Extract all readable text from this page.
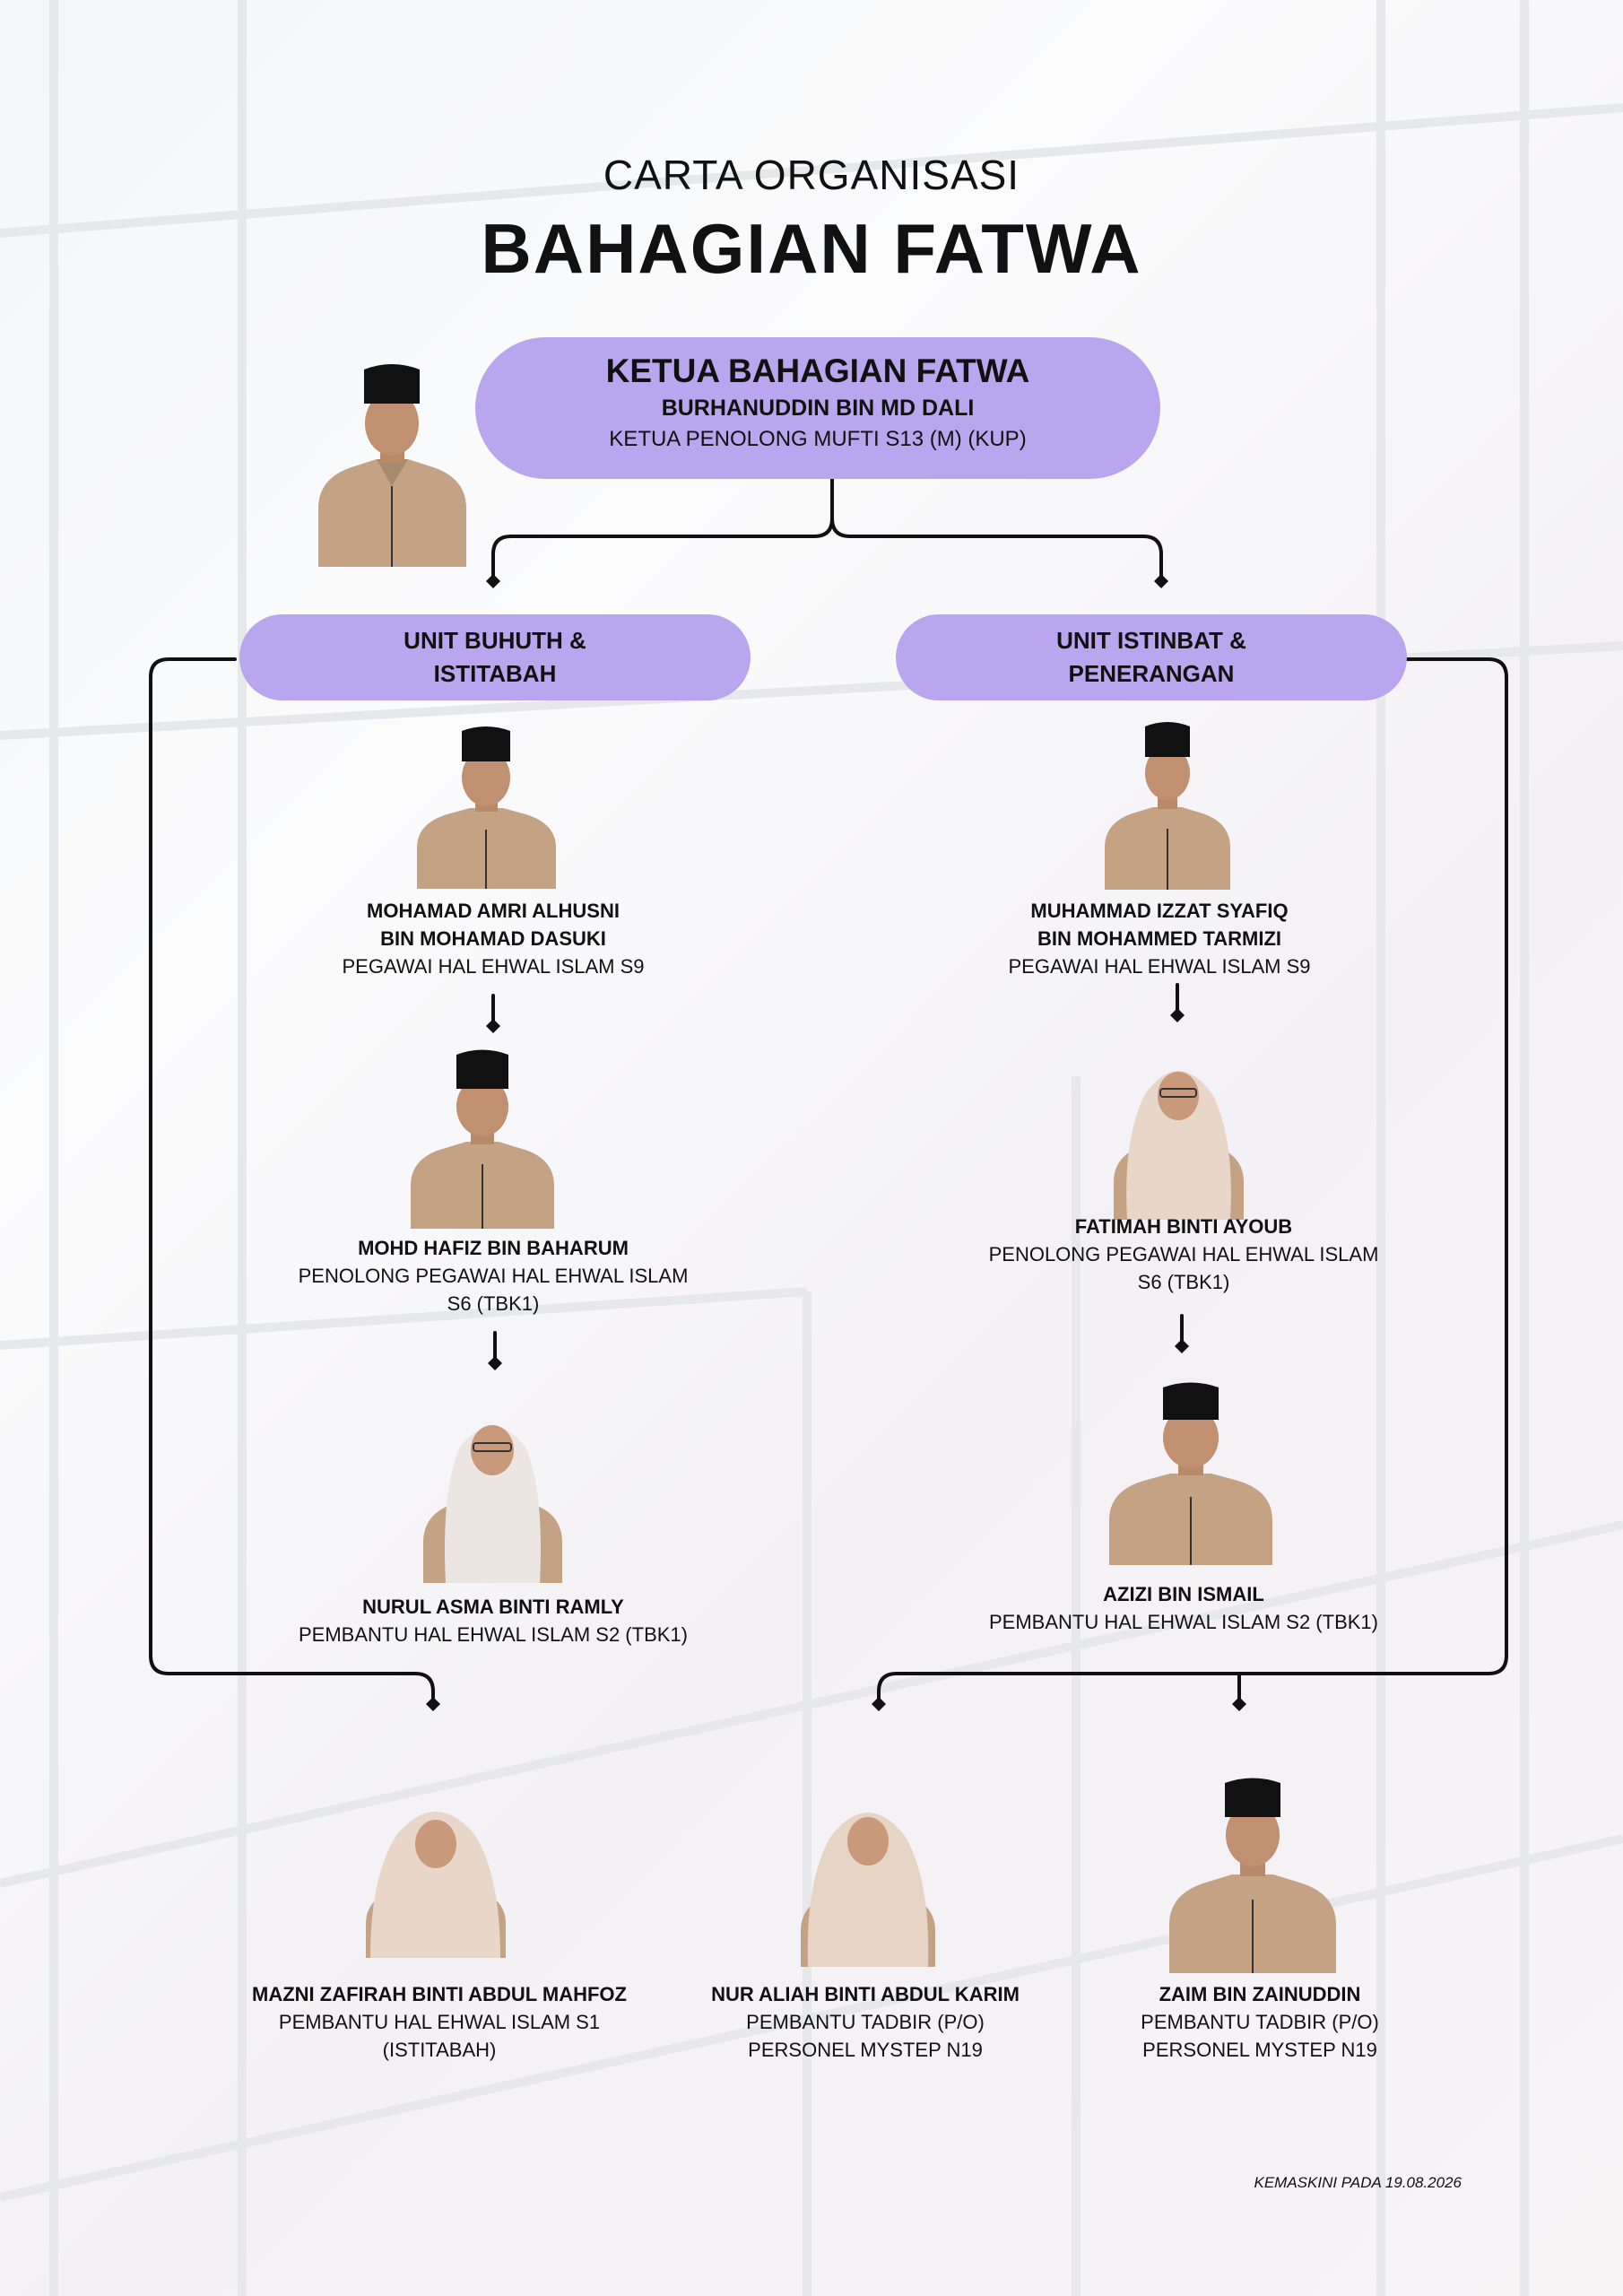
CARTA ORGANISASI
BAHAGIAN FATWA
KETUA BAHAGIAN FATWA
BURHANUDDIN BIN MD DALI
KETUA PENOLONG MUFTI S13 (M) (KUP)
UNIT BUHUTH &
ISTITABAH
UNIT ISTINBAT &
PENERANGAN
MOHAMAD AMRI ALHUSNI
BIN MOHAMAD DASUKI
PEGAWAI HAL EHWAL ISLAM S9
MOHD HAFIZ BIN BAHARUM
PENOLONG PEGAWAI HAL EHWAL ISLAM
S6 (TBK1)
NURUL ASMA BINTI RAMLY
PEMBANTU HAL EHWAL ISLAM S2 (TBK1)
MUHAMMAD IZZAT SYAFIQ
BIN MOHAMMED TARMIZI
PEGAWAI HAL EHWAL ISLAM S9
FATIMAH BINTI AYOUB
PENOLONG PEGAWAI HAL EHWAL ISLAM
S6 (TBK1)
AZIZI BIN ISMAIL
PEMBANTU HAL EHWAL ISLAM S2 (TBK1)
MAZNI ZAFIRAH BINTI ABDUL MAHFOZ
PEMBANTU HAL EHWAL ISLAM S1
(ISTITABAH)
NUR ALIAH BINTI ABDUL KARIM
PEMBANTU TADBIR (P/O)
PERSONEL MYSTEP N19
ZAIM BIN ZAINUDDIN
PEMBANTU TADBIR (P/O)
PERSONEL MYSTEP N19
KEMASKINI PADA 19.08.2026
